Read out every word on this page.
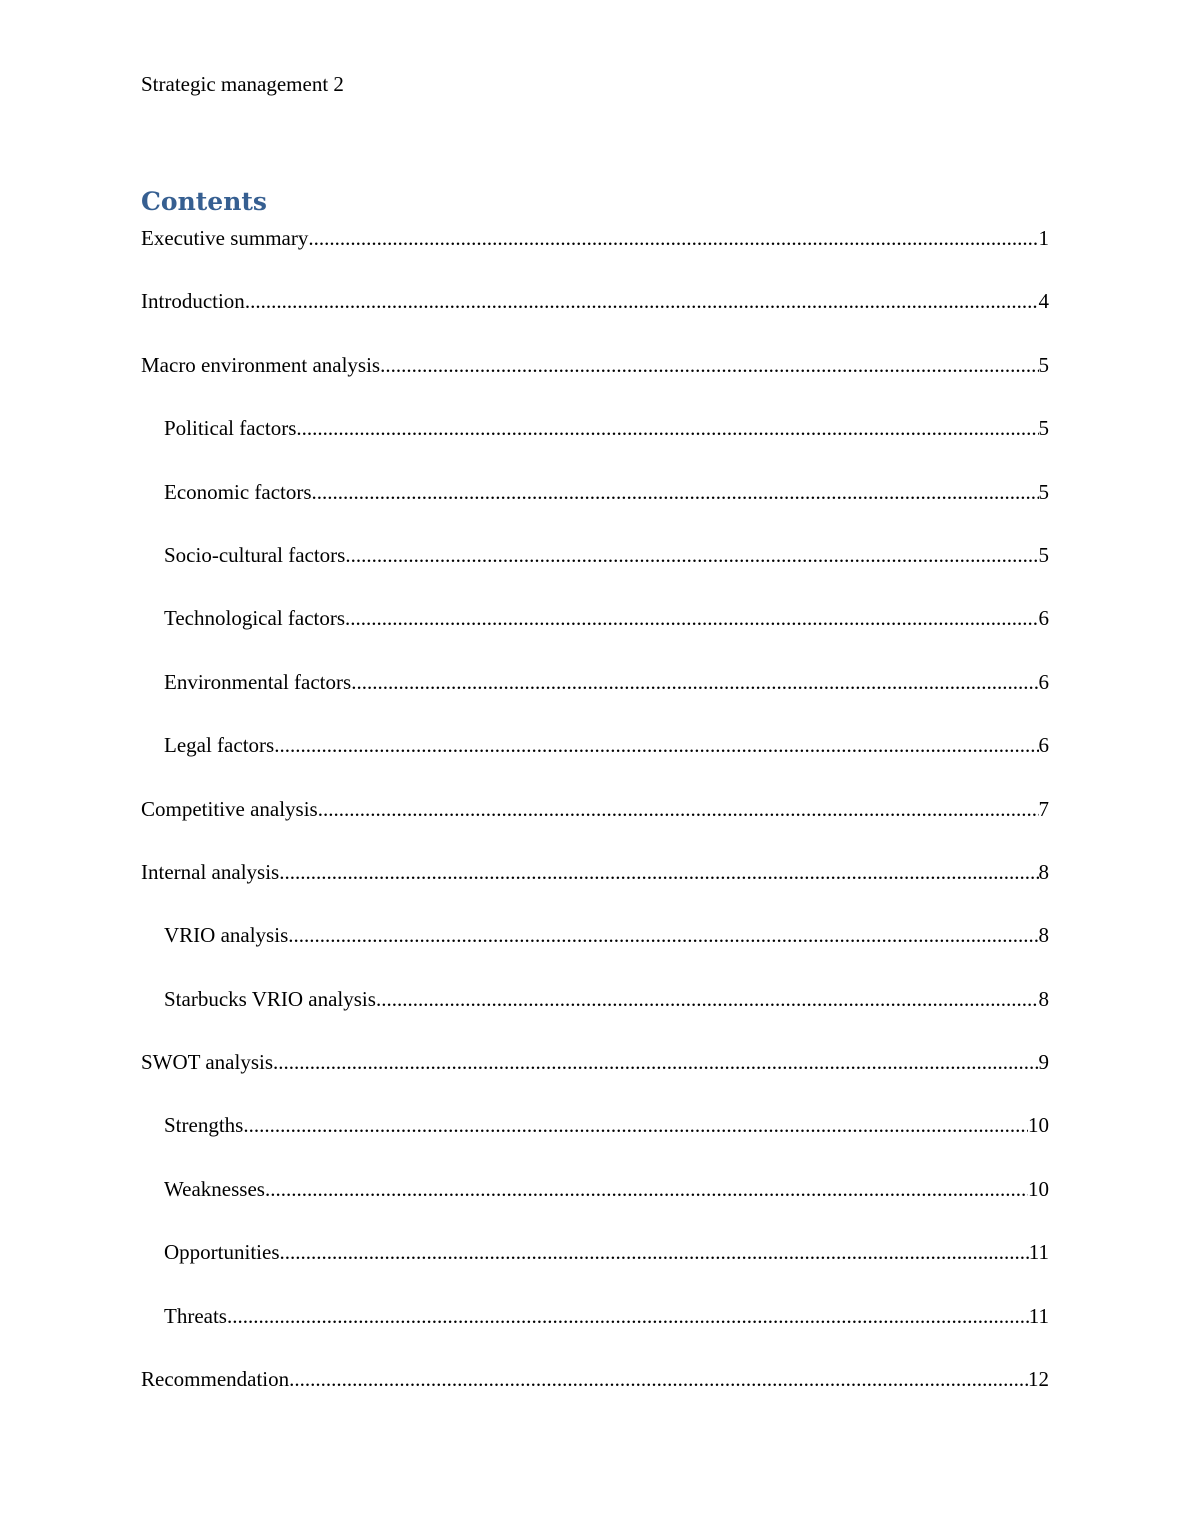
Strategic management 2
Contents
Executive summary .....	1
Introduction .....	4
Macro environment analysis .....	5
Political factors .....	5
Economic factors .....	5
Socio-cultural factors .....	5
Technological factors .....	6
Environmental factors .....	6
Legal factors .....	6
Competitive analysis .....	7
Internal analysis .....	8
VRIO analysis .....	8
Starbucks VRIO analysis .....	8
SWOT analysis .....	9
Strengths .....	10
Weaknesses .....	10
Opportunities .....	11
Threats .....	11
Recommendation .....	12
